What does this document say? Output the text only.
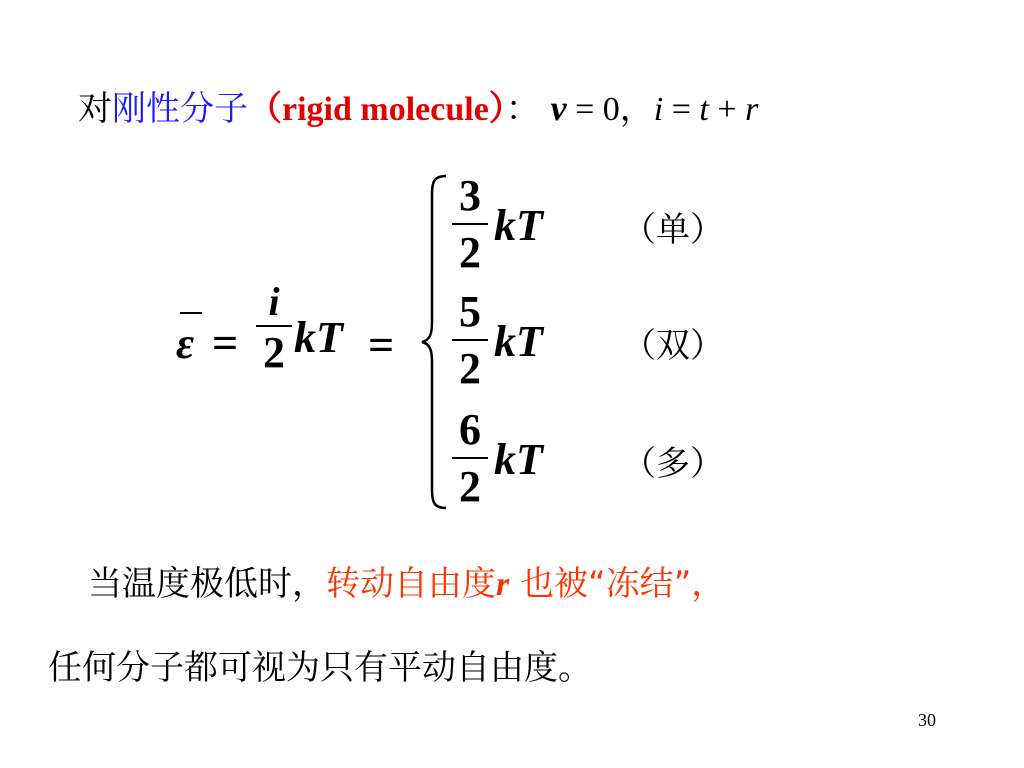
对刚性分子（rigid molecule）： v = 0，i = t + r
ε =
i
2 kT =
3
2
kT （单）
5
2
kT （双）
6
2
kT （多）
当温度极低时，转动自由度r 也被“冻结”，
任何分子都可视为只有平动自由度。
30
